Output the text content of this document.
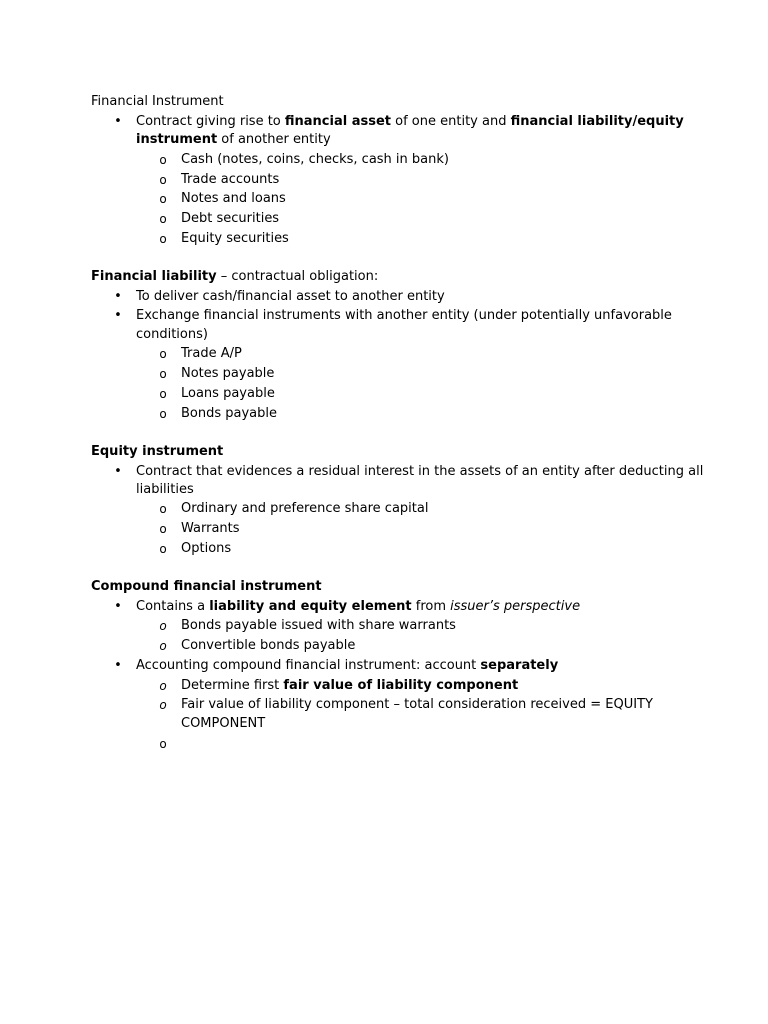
Financial Instrument
• Contract giving rise to financial asset of one entity and financial liability/equity
instrument of another entity
o Cash (notes, coins, checks, cash in bank)
o Trade accounts
o Notes and loans
o Debt securities
o Equity securities
Financial liability – contractual obligation:
• To deliver cash/financial asset to another entity
• Exchange financial instruments with another entity (under potentially unfavorable
conditions)
o Trade A/P
o Notes payable
o Loans payable
o Bonds payable
Equity instrument
• Contract that evidences a residual interest in the assets of an entity after deducting all
liabilities
o Ordinary and preference share capital
o Warrants
o Options
Compound financial instrument
• Contains a liability and equity element from issuer’s perspective
o Bonds payable issued with share warrants
o Convertible bonds payable
• Accounting compound financial instrument: account separately
o Determine first fair value of liability component
o Fair value of liability component – total consideration received = EQUITY
COMPONENT
o
